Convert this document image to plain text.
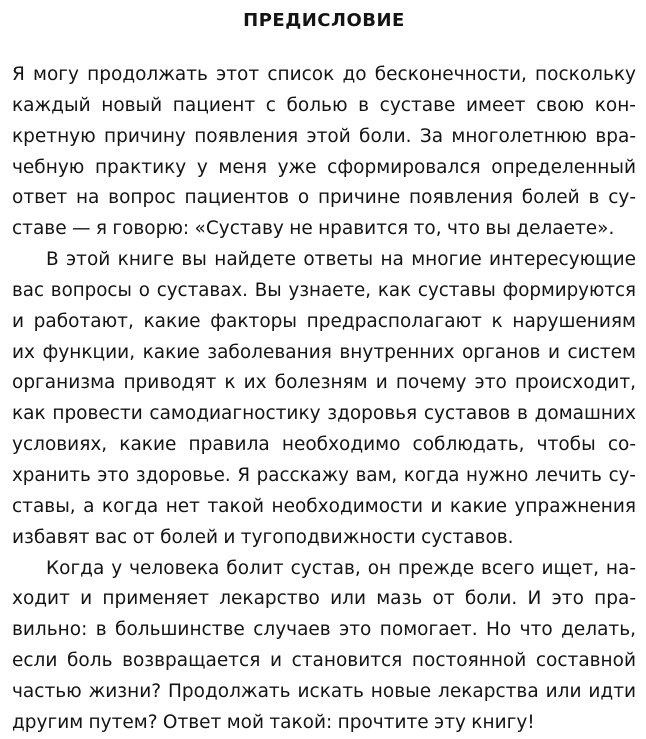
ПРЕДИСЛОВИЕ

Я могу продолжать этот список до бесконечности, поскольку
каждый новый пациент с болью в суставе имеет свою кон-
кретную причину появления этой боли. За многолетнюю вра-
чебную практику у меня уже сформировался определенный
ответ на вопрос пациентов о причине появления болей в су-
ставе — я говорю: «Суставу не нравится то, что вы делаете».

В этой книге вы найдете ответы на многие интересующие
вас вопросы о суставах. Вы узнаете, как суставы формируются
и работают, какие факторы предрасполагают к нарушениям
их функции, какие заболевания внутренних органов и систем
организма приводят к их болезням и почему это происходит,
как провести самодиагностику здоровья суставов в домашних
условиях, какие правила необходимо соблюдать, чтобы со-
хранить это здоровье. Я расскажу вам, когда нужно лечить су-
ставы, а когда нет такой необходимости и какие упражнения
избавят вас от болей и тугоподвижности суставов.

Когда у человека болит сустав, он прежде всего ищет, на-
ходит и применяет лекарство или мазь от боли. И это пра-
вильно: в большинстве случаев это помогает. Но что делать,
если боль возвращается и становится постоянной составной
частью жизни? Продолжать искать новые лекарства или идти
другим путем? Ответ мой такой: прочтите эту книгу!
